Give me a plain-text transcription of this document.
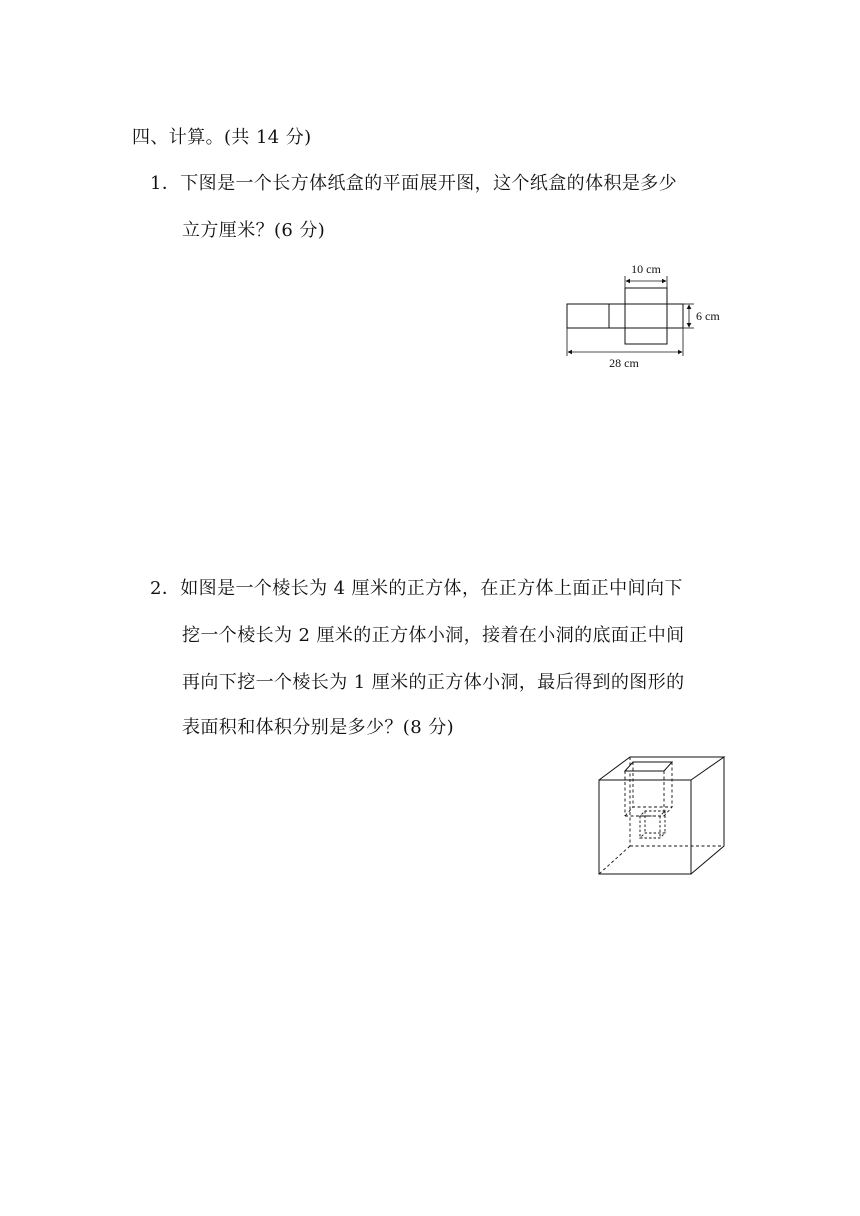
四、计算。(共 14 分)
1．下图是一个长方体纸盒的平面展开图，这个纸盒的体积是多少
立方厘米？(6 分)
10 cm
6 cm
28 cm
2．如图是一个棱长为 4 厘米的正方体，在正方体上面正中间向下
挖一个棱长为 2 厘米的正方体小洞，接着在小洞的底面正中间
再向下挖一个棱长为 1 厘米的正方体小洞，最后得到的图形的
表面积和体积分别是多少？(8 分)
